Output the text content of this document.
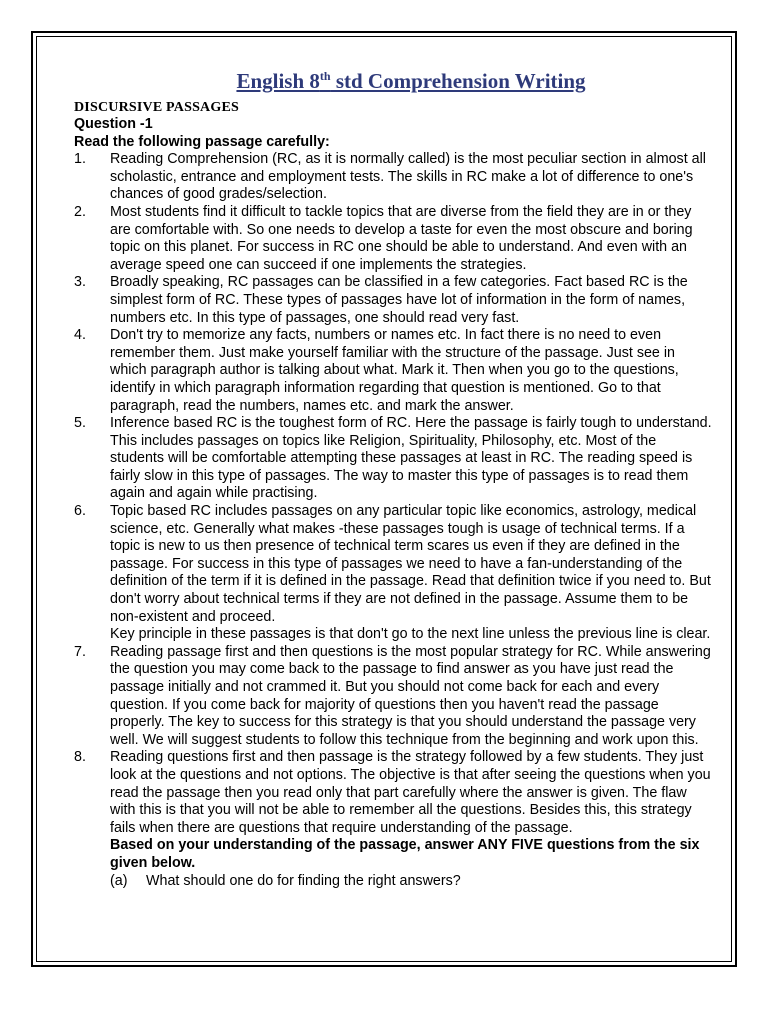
English 8th std Comprehension Writing
DISCURSIVE PASSAGES
Question -1
Read the following passage carefully:
1. Reading Comprehension (RC, as it is normally called) is the most peculiar section in almost all scholastic, entrance and employment tests. The skills in RC make a lot of difference to one's chances of good grades/selection.
2. Most students find it difficult to tackle topics that are diverse from the field they are in or they are comfortable with. So one needs to develop a taste for even the most obscure and boring topic on this planet. For success in RC one should be able to understand. And even with an average speed one can succeed if one implements the strategies.
3. Broadly speaking, RC passages can be classified in a few categories. Fact based RC is the simplest form of RC. These types of passages have lot of information in the form of names, numbers etc. In this type of passages, one should read very fast.
4. Don't try to memorize any facts, numbers or names etc. In fact there is no need to even remember them. Just make yourself familiar with the structure of the passage. Just see in which paragraph author is talking about what. Mark it. Then when you go to the questions, identify in which paragraph information regarding that question is mentioned. Go to that paragraph, read the numbers, names etc. and mark the answer.
5. Inference based RC is the toughest form of RC. Here the passage is fairly tough to understand. This includes passages on topics like Religion, Spirituality, Philosophy, etc. Most of the students will be comfortable attempting these passages at least in RC. The reading speed is fairly slow in this type of passages. The way to master this type of passages is to read them again and again while practising.
6. Topic based RC includes passages on any particular topic like economics, astrology, medical science, etc. Generally what makes -these passages tough is usage of technical terms. If a topic is new to us then presence of technical term scares us even if they are defined in the passage. For success in this type of passages we need to have a fan-understanding of the definition of the term if it is defined in the passage. Read that definition twice if you need to. But don't worry about technical terms if they are not defined in the passage. Assume them to be non-existent and proceed.

Key principle in these passages is that don't go to the next line unless the previous line is clear.

7. Reading passage first and then questions is the most popular strategy for RC. While answering the question you may come back to the passage to find answer as you have just read the passage initially and not crammed it. But you should not come back for each and every question. If you come back for majority of questions then you haven't read the passage properly. The key to success for this strategy is that you should understand the passage very well. We will suggest students to follow this technique from the beginning and work upon this.
8. Reading questions first and then passage is the strategy followed by a few students. They just look at the questions and not options. The objective is that after seeing the questions when you read the passage then you read only that part carefully where the answer is given. The flaw with this is that you will not be able to remember all the questions. Besides this, this strategy fails when there are questions that require understanding of the passage.
Based on your understanding of the passage, answer ANY FIVE questions from the six given below.
(a) What should one do for finding the right answers?
